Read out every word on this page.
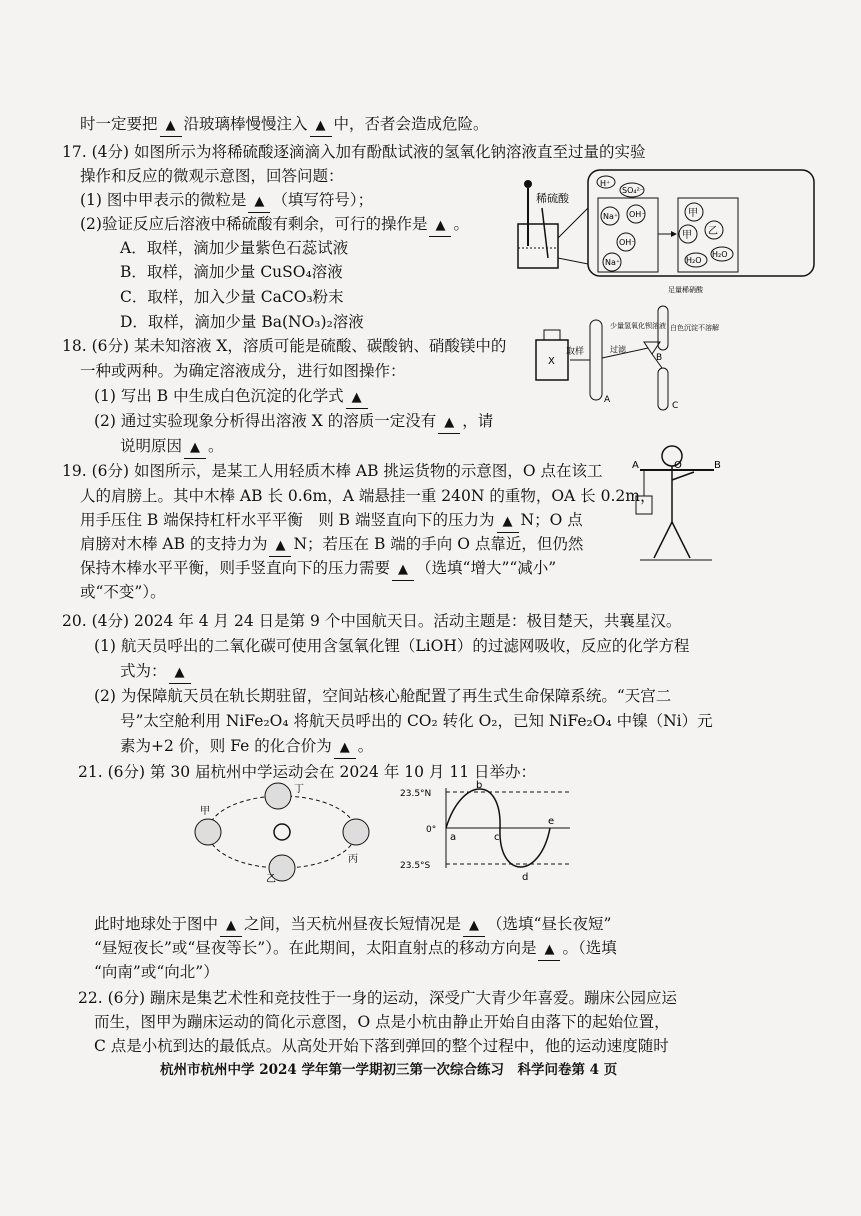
时一定要把 ▲ 沿玻璃棒慢慢注入 ▲ 中，否者会造成危险。
17. (4分) 如图所示为将稀硫酸逐滴滴入加有酚酞试液的氢氧化钠溶液直至过量的实验
操作和反应的微观示意图，回答问题：
(1) 图中甲表示的微粒是 ▲ （填写符号）；
(2)验证反应后溶液中稀硫酸有剩余，可行的操作是 ▲ 。
A．取样，滴加少量紫色石蕊试液
B．取样，滴加少量 CuSO₄溶液
C．取样，加入少量 CaCO₃粉末
D．取样，滴加少量 Ba(NO₃)₂溶液
稀硫酸
H⁺
SO₄²⁻
Na⁺ OH⁻
OH⁻
Na⁺
甲
甲 乙
H₂O
H₂O
18. (6分) 某未知溶液 X，溶质可能是硫酸、碳酸钠、硝酸镁中的
一种或两种。为确定溶液成分，进行如图操作：
(1) 写出 B 中生成白色沉淀的化学式 ▲
(2) 通过实验现象分析得出溶液 X 的溶质一定没有 ▲ ，请
说明原因 ▲ 。
X
取样
A
少量氢氧化钡溶液
过滤
B
足量稀硝酸
白色沉淀不溶解
C
19. (6分) 如图所示，是某工人用轻质木棒 AB 挑运货物的示意图，O 点在该工
人的肩膀上。其中木棒 AB 长 0.6m，A 端悬挂一重 240N 的重物，OA 长 0.2m，
用手压住 B 端保持杠杆水平平衡　则 B 端竖直向下的压力为 ▲ N；O 点
肩膀对木棒 AB 的支持力为 ▲ N；若压在 B 端的手向 O 点靠近，但仍然
保持木棒水平平衡，则手竖直向下的压力需要 ▲ （选填“增大”“减小”
或“不变”）。
A	O	B
20. (4分) 2024 年 4 月 24 日是第 9 个中国航天日。活动主题是：极目楚天，共襄星汉。
(1) 航天员呼出的二氧化碳可使用含氢氧化锂（LiOH）的过滤网吸收，反应的化学方程
式为： ▲
(2) 为保障航天员在轨长期驻留，空间站核心舱配置了再生式生命保障系统。“天宫二
号”太空舱利用 NiFe₂O₄ 将航天员呼出的 CO₂ 转化 O₂，已知 NiFe₂O₄ 中镍（Ni）元
素为+2 价，则 Fe 的化合价为 ▲ 。
21. (6分) 第 30 届杭州中学运动会在 2024 年 10 月 11 日举办：
甲
丁
丙
乙
23.5°N
0°
23.5°S
a
b
c
d
e
此时地球处于图中 ▲ 之间，当天杭州昼夜长短情况是 ▲ （选填“昼长夜短”
“昼短夜长”或“昼夜等长”）。在此期间，太阳直射点的移动方向是 ▲ 。（选填
“向南”或“向北”）
22. (6分) 蹦床是集艺术性和竞技性于一身的运动，深受广大青少年喜爱。蹦床公园应运
而生，图甲为蹦床运动的简化示意图，O 点是小杭由静止开始自由落下的起始位置，
C 点是小杭到达的最低点。从高处开始下落到弹回的整个过程中，他的运动速度随时
杭州市杭州中学 2024 学年第一学期初三第一次综合练习　科学问卷第 4 页
